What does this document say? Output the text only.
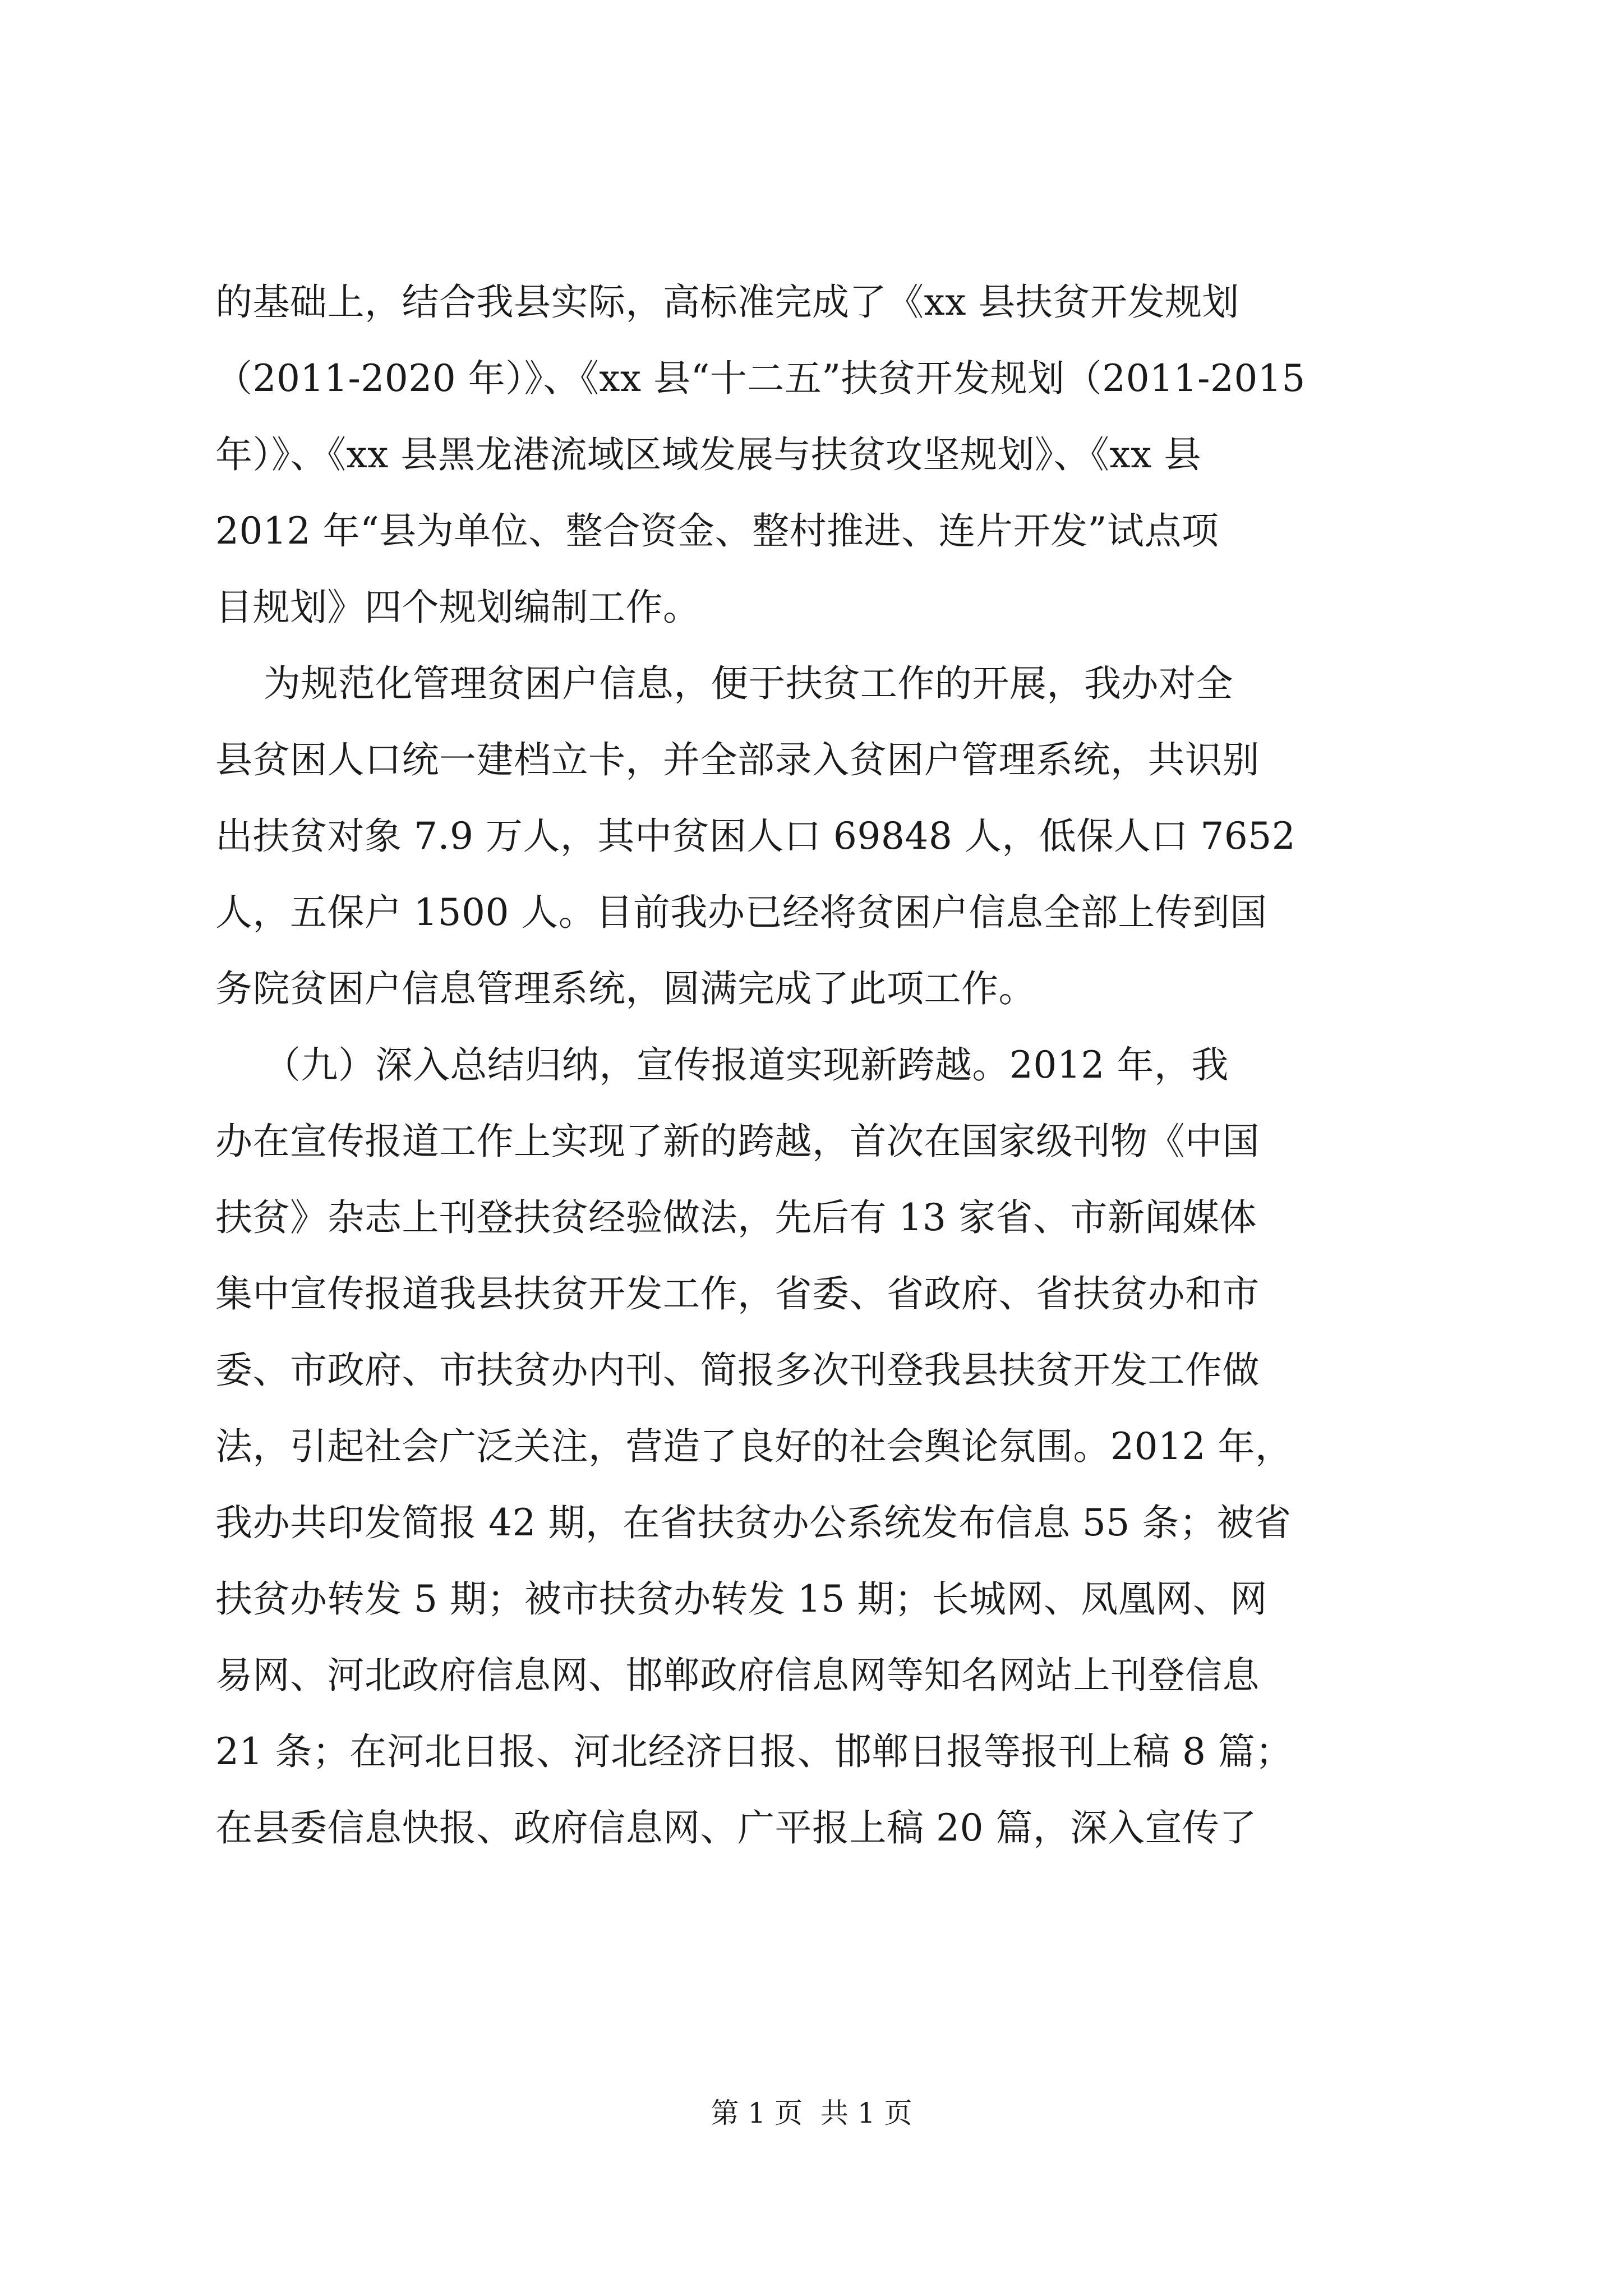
的基础上，结合我县实际，高标准完成了《xx 县扶贫开发规划
（2011-2020 年）》、《xx 县“十二五”扶贫开发规划（2011-2015
年）》、《xx 县黑龙港流域区域发展与扶贫攻坚规划》、《xx 县
2012 年“县为单位、整合资金、整村推进、连片开发”试点项
目规划》四个规划编制工作。
为规范化管理贫困户信息，便于扶贫工作的开展，我办对全
县贫困人口统一建档立卡，并全部录入贫困户管理系统，共识别
出扶贫对象 7.9 万人，其中贫困人口 69848 人，低保人口 7652
人，五保户 1500 人。目前我办已经将贫困户信息全部上传到国
务院贫困户信息管理系统，圆满完成了此项工作。
（九）深入总结归纳，宣传报道实现新跨越。2012 年，我
办在宣传报道工作上实现了新的跨越，首次在国家级刊物《中国
扶贫》杂志上刊登扶贫经验做法，先后有 13 家省、市新闻媒体
集中宣传报道我县扶贫开发工作，省委、省政府、省扶贫办和市
委、市政府、市扶贫办内刊、简报多次刊登我县扶贫开发工作做
法，引起社会广泛关注，营造了良好的社会舆论氛围。2012 年，
我办共印发简报 42 期，在省扶贫办公系统发布信息 55 条；被省
扶贫办转发 5 期；被市扶贫办转发 15 期；长城网、凤凰网、网
易网、河北政府信息网、邯郸政府信息网等知名网站上刊登信息
21 条；在河北日报、河北经济日报、邯郸日报等报刊上稿 8 篇；
在县委信息快报、政府信息网、广平报上稿 20 篇，深入宣传了
第 1 页  共 1 页
